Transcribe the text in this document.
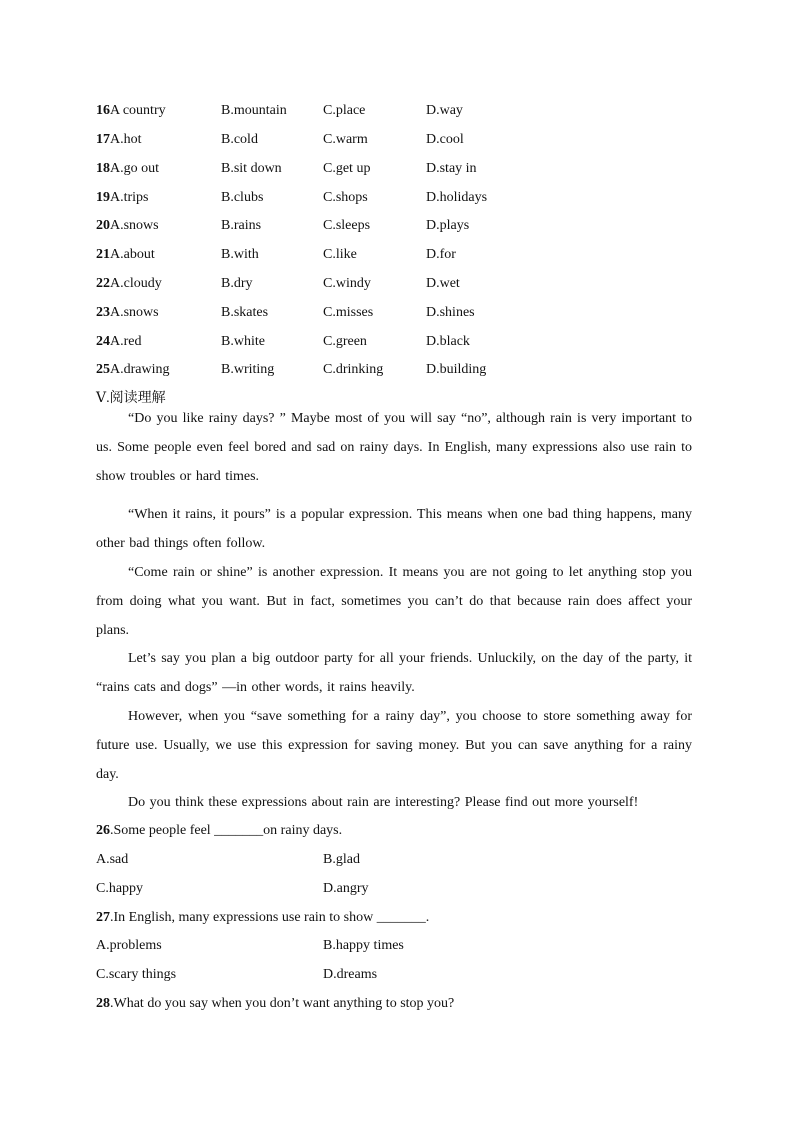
16A country	B.mountain	C.place	D.way
17A.hot	B.cold	C.warm	D.cool
18A.go out	B.sit down	C.get up	D.stay in
19A.trips	B.clubs	C.shops	D.holidays
20A.snows	B.rains	C.sleeps	D.plays
21A.about	B.with	C.like	D.for
22A.cloudy	B.dry	C.windy	D.wet
23A.snows	B.skates	C.misses	D.shines
24A.red	B.white	C.green	D.black
25A.drawing	B.writing	C.drinking	D.building
Ⅴ.阅读理解

“Do you like rainy days? ” Maybe most of you will say “no”, although rain is very important to us. Some people even feel bored and sad on rainy days. In English, many expressions also use rain to show troubles or hard times.

“When it rains, it pours” is a popular expression. This means when one bad thing happens, many other bad things often follow.

“Come rain or shine” is another expression. It means you are not going to let anything stop you from doing what you want. But in fact, sometimes you can’t do that because rain does affect your plans.

Let’s say you plan a big outdoor party for all your friends. Unluckily, on the day of the party, it “rains cats and dogs” —in other words, it rains heavily.

However, when you “save something for a rainy day”, you choose to store something away for future use. Usually, we use this expression for saving money. But you can save anything for a rainy day.

Do you think these expressions about rain are interesting? Please find out more yourself!

26.Some people feel _______on rainy days.
A.sad	B.glad
C.happy	D.angry
27.In English, many expressions use rain to show _______.
A.problems	B.happy times
C.scary things	D.dreams
28.What do you say when you don’t want anything to stop you?
